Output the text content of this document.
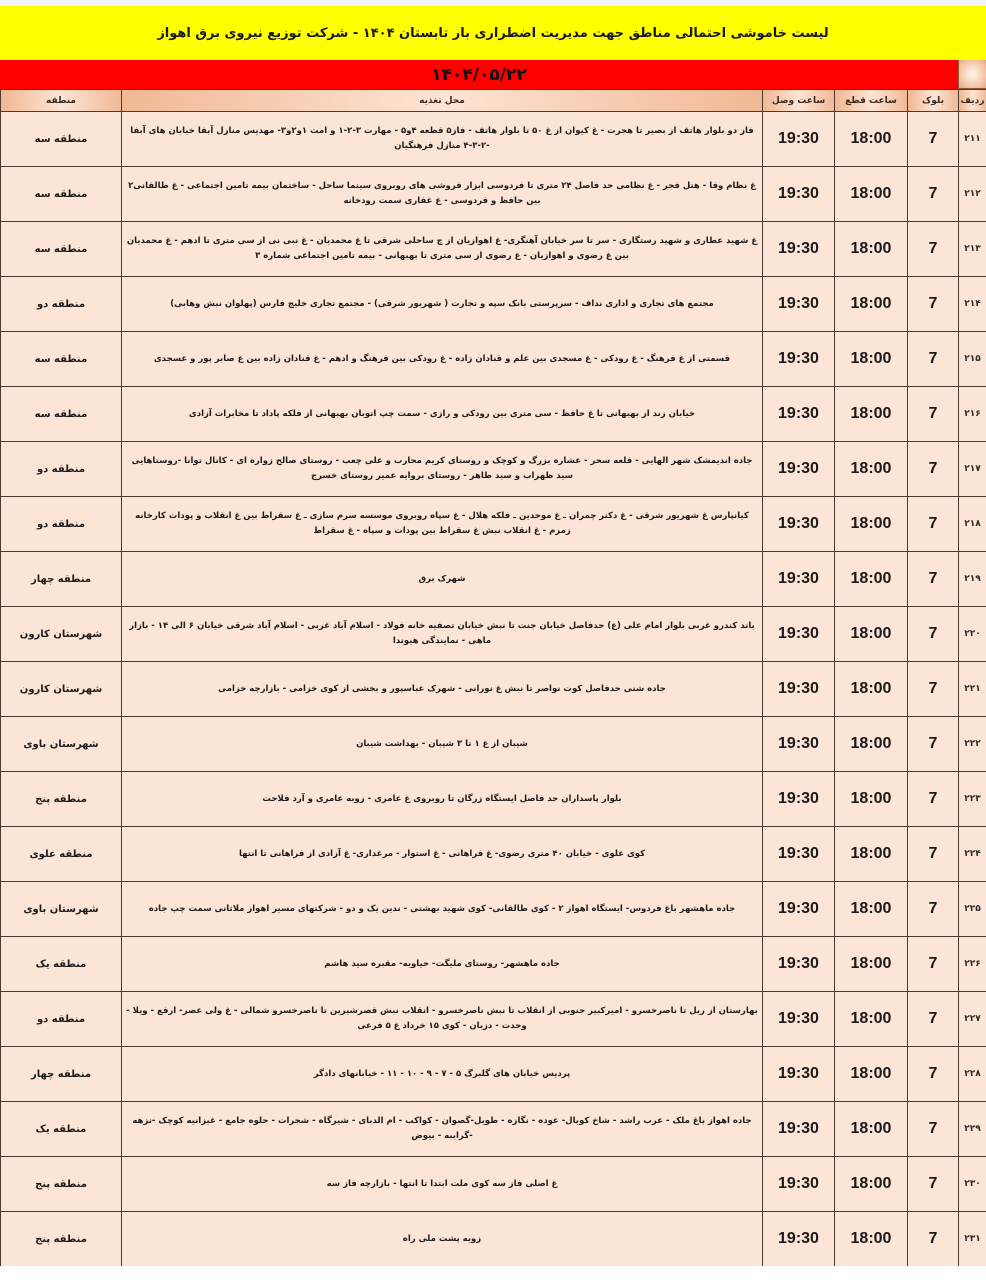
لیست خاموشی احتمالی مناطق جهت مدیریت اضطراری بار تابستان ۱۴۰۴ - شرکت توزیع نیروی برق اهواز
۱۴۰۴/۰۵/۲۲
ردیف	بلوک	ساعت قطع	ساعت وصل	محل تغذیه	منطقه
۲۱۱	7	18:00	19:30	فاز دو بلوار هاتف از بصیر تا هجرت - غ کیوان از غ ۵۰ تا بلوار هاتف - فاز۵ قطعه ۴و۵ - مهارت ۳-۲-۱ و امت ۱و۲و۳- مهدیس منازل آبفا خیابان های آبفا -۲-۳-۴ منازل فرهنگیان	منطقه سه
۲۱۲	7	18:00	19:30	غ نظام وفا - هتل فجر - غ نظامی حد فاصل ۲۴ متری تا فردوسی ابزار فروشی های روبروی سینما ساحل - ساختمان بیمه تامین اجتماعی - غ طالقانی۲ بین حافظ و فردوسی - غ غفاری سمت رودخانه	منطقه سه
۲۱۳	7	18:00	19:30	غ شهید عطاری و شهید رستگاری - سر تا سر خیابان آهنگری- غ اهوازیان از چ ساحلی شرقی تا غ محمدیان - غ نبی نی از سی متری تا ادهم - غ محمدیان بین غ رضوی و اهوازیان - غ رضوی از سی متری تا بهبهانی - بیمه تامین اجتماعی شماره ۳	منطقه سه
۲۱۴	7	18:00	19:30	مجتمع های تجاری و اداری نداف - سرپرستی بانک سپه و تجارت ( شهریور شرقی) - مجتمع تجاری خلیج فارس (پهلوان نبش وهابی)	منطقه دو
۲۱۵	7	18:00	19:30	قسمتی از غ فرهنگ - غ رودکی - غ مسجدی بین علم و قنادان زاده - غ رودکی بین فرهنگ و ادهم - غ قنادان زاده بین غ صابر پور و عسجدی	منطقه سه
۲۱۶	7	18:00	19:30	خیابان زند از بهبهانی تا غ حافظ - سی متری بین رودکی و رازی - سمت چپ اتوبان بهبهانی از فلکه پاداد تا مخابرات آزادی	منطقه سه
۲۱۷	7	18:00	19:30	جاده اندیمشک شهر الهایی - قلعه سحر - عشاره بزرگ و کوچک و روستای کریم محارب و علی چعب - روستای صالح زواره ای - کانال توانا -روستاهایی سید ظهراب و سید طاهر - روستای بروایه عمیر روستای خسرج	منطقه دو
۲۱۸	7	18:00	19:30	کیانپارس غ شهریور شرقی - غ دکتر چمران ـ غ موحدین ـ فلکه هلال - غ سپاه روبروی موسسه سرم سازی ـ غ سقراط بین غ انقلاب و پودات کارخانه زمزم - غ انقلاب نبش غ سقراط بین پودات و سپاه - غ سقراط	منطقه دو
۲۱۹	7	18:00	19:30	شهرک برق	منطقه چهار
۲۲۰	7	18:00	19:30	باند کندرو غربی بلوار امام علی (ع) حدفاصل خیابان جنت تا نبش خیابان تصفیه خانه فولاد - اسلام آباد غربی - اسلام آباد شرقی خیابان ۶ الی ۱۴ - بازار ماهی - نمایندگی هیوندا	شهرستان کارون
۲۲۱	7	18:00	19:30	جاده شنی حدفاصل کوت نواصر تا نبش غ نورانی - شهرک عباسپور و بخشی از کوی خزامی - بازارچه خزامی	شهرستان کارون
۲۲۲	7	18:00	19:30	شیبان از غ ۱ تا ۳ شیبان - بهداشت شیبان	شهرستان باوی
۲۲۳	7	18:00	19:30	بلوار پاسداران حد فاصل ایستگاه زرگان تا روبروی غ عامری - زوبه عامری و آرد فلاحت	منطقه پنج
۲۲۴	7	18:00	19:30	کوی علوی - خیابان ۴۰ متری رضوی- غ فراهانی - غ استوار - مرغداری- غ آزادی از فراهانی تا انتها	منطقه علوی
۲۲۵	7	18:00	19:30	جاده ماهشهر باغ فردوس- ایستگاه اهواز ۲ - کوی طالقانی- کوی شهید بهشتی - ندین یک و دو - شرکتهای مسیر اهواز ملاثانی سمت چپ جاده	شهرستان باوی
۲۲۶	7	18:00	19:30	جاده ماهشهر- روستای ملیگت- حیاویه- مقبره سید هاشم	منطقه یک
۲۲۷	7	18:00	19:30	بهارستان از ریل تا ناصرخسرو - امیرکبیر جنوبی از انقلاب تا نبش ناصرخسرو - انقلاب نبش قصرشیرین تا ناصرخسرو شمالی - غ ولی عصر- ارفع - ویلا - وحدت - دزبان - کوی ۱۵ خرداد غ ۵ فرعی	منطقه دو
۲۲۸	7	18:00	19:30	پردیس خیابان های گلبرگ ۵ - ۷ - ۹ - ۱۰ - ۱۱ - خیابانهای دادگر	منطقه چهار
۲۲۹	7	18:00	19:30	جاده اهواز باغ ملک - عرب راشد - شاخ کوبال- عوده - نگازه - طویل-گصوان - کواکب - ام الدبای - شیرگاه - شجرات - حلوه جامع - غیزانیه کوچک -نزهه -گرایبه - بیوض	منطقه یک
۲۳۰	7	18:00	19:30	غ اصلی فاز سه کوی ملت ابتدا تا انتها - بازارچه فاز سه	منطقه پنج
۲۳۱	7	18:00	19:30	زوبه پشت ملی راه	منطقه پنج
